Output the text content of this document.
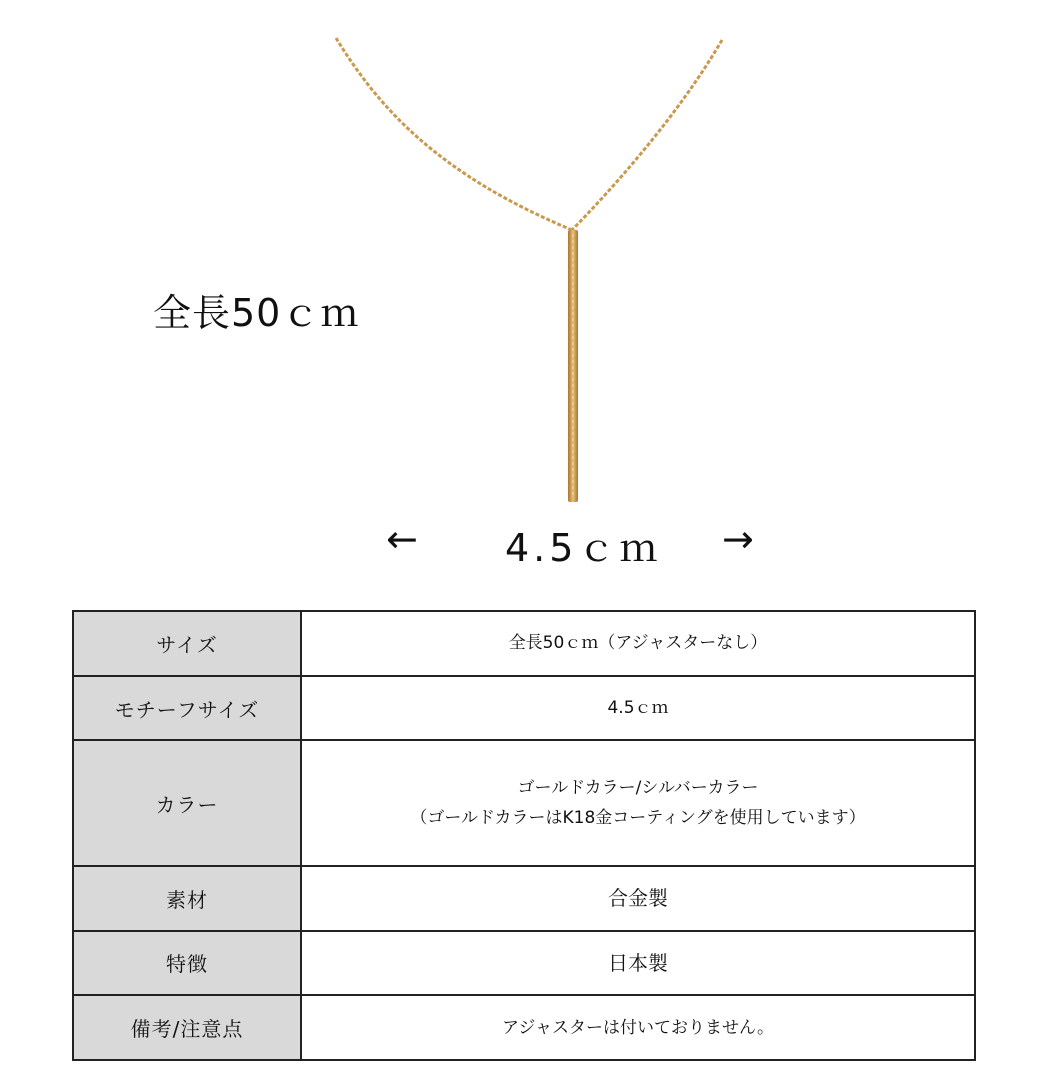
全長50ｃｍ
← 4.5ｃｍ →
サイズ	全長50ｃｍ（アジャスターなし）

モチーフサイズ	4.5ｃｍ

カラー	ゴールドカラー/シルバーカラー
（ゴールドカラーはK18金コーティングを使用しています）

素材	合金製

特徴	日本製

備考/注意点	アジャスターは付いておりません。
